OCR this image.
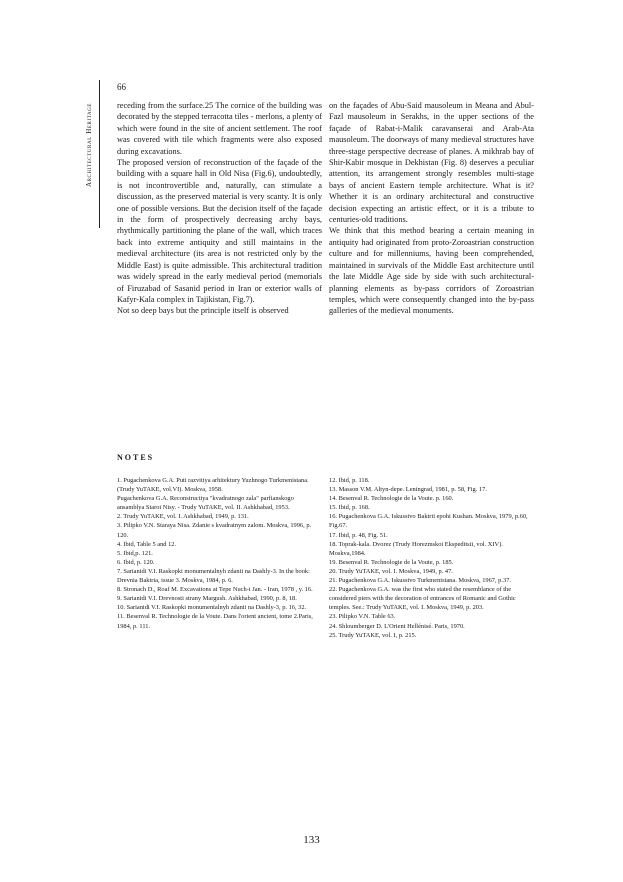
Architectural Heritage
66

receding from the surface.25 The cornice of the building was decorated by the stepped terracotta tiles - merlons, a plenty of which were found in the site of ancient settlement. The roof was covered with tile which fragments were also exposed during excavations.

The proposed version of reconstruction of the façade of the building with a square hall in Old Nisa (Fig.6), undoubtedly, is not incontrovertible and, naturally, can stimulate a discussion, as the preserved material is very scanty. It is only one of possible versions. But the decision itself of the façade in the form of prospectively decreasing archy bays, rhythmically partitioning the plane of the wall, which traces back into extreme antiquity and still maintains in the medieval architecture (its area is not restricted only by the Middle East) is quite admissible. This architectural tradition was widely spread in the early medieval period (memorials of Firuzabad of Sasanid period in Iran or exterior walls of Kafyr-Kala complex in Tajikistan, Fig.7).

Not so deep bays but the principle itself is observed

on the façades of Abu-Said mausoleum in Meana and Abul-Fazl mausoleum in Serakhs, in the upper sections of the façade of Rabat-i-Malik caravanserai and Arab-Ata mausoleum. The doorways of many medieval structures have three-stage perspective decrease of planes. A mikhrab bay of Shir-Kabir mosque in Dekhistan (Fig. 8) deserves a peculiar attention, its arrangement strongly resembles multi-stage bays of ancient Eastern temple architecture. What is it? Whether it is an ordinary architectural and constructive decision expecting an artistic effect, or it is a tribute to centuries-old traditions.

We think that this method bearing a certain meaning in antiquity had originated from proto-Zoroastrian construction culture and for millenniums, having been comprehended, maintained in survivals of the Middle East architecture until the late Middle Age side by side with such architectural-planning elements as by-pass corridors of Zoroastrian temples, which were consequently changed into the by-pass galleries of the medieval monuments.

NOTES

1. Pugachenkova G.A. Puti razvitiya arhitektury Yuzhnogo Turkmenistana. (Trudy YuTAKE, vol.VI). Moskva, 1958.

Pugachenkova G.A. Reconstructiya "kvadratnogo zala" parfianskogo ansamblya Staroi Nisy. - Trudy YuTAKE, vol. II. Ashkhabad, 1953.

2. Trudy YuTAKE, vol. I. Ashkhabad, 1949, p. 131.

3. Pilipko V.N. Staraya Nisa. Zdanie s kvadratnym zalom. Moskva, 1996, p. 120.

4. Ibid, Table 5 and 12.

5. Ibid,p. 121.

6. Ibid, p. 120.

7. Sarianidi V.I. Raskopki monumentalnyh zdanii na Dashly-3. In the book: Drevnia Baktria, issue 3. Moskva, 1984, p. 6.

8. Stronach D., Roaf M. Excavations at Tepe Nuch-i Jan. - Iran, 1978 , y. 16.

9. Sarianidi V.I. Drevnosti strany Margush. Ashkhabad, 1990, p. 8, 18.

10. Sarianidi V.I. Raskopki monumentalnyh zdanii na Dashly-3, p. 16, 32.

11. Besenval R. Technologie de la Voute. Dans l'orient ancient, tome 2.Paris, 1984, p. 111.

12. Ibid, p. 118.

13. Masson V.M. Altyn-depe. Leningrad, 1981, p. 58, Fig. 17.

14. Besenval R. Technologie de la Voute. p. 160.

15. Ibid, p. 168.

16. Pugachenkova G.A. Iskusstvo Baktrii epohi Kushan. Moskva, 1979, p.60, Fig.67.

17. Ibid, p. 48, Fig. 51.

18. Toprak-kala. Dvorez (Trudy Horezmskoi Ekspeditsii, vol. XIV). Moskva,1984.

19. Besenval R. Technologie de la Voute, p. 185.

20. Trudy YuTAKE, vol. I. Moskva, 1949, p. 47.

21. Pugachenkova G.A. Iskusstvo Turkmenistana. Moskva, 1967, p.37.

22. Pugachenkova G.A. was the first who stated the resemblance of the considered piers with the decoration of entrances of Romanic and Gothic temples. See.: Trudy YuTAKE, vol. I. Moskva, 1949, p. 203.

23. Pilipko V.N. Table 63.

24. Shloumberger D. L'Orient Hellénisé. Paris, 1970.

25. Trudy YuTAKE, vol. I, p. 215.

133
